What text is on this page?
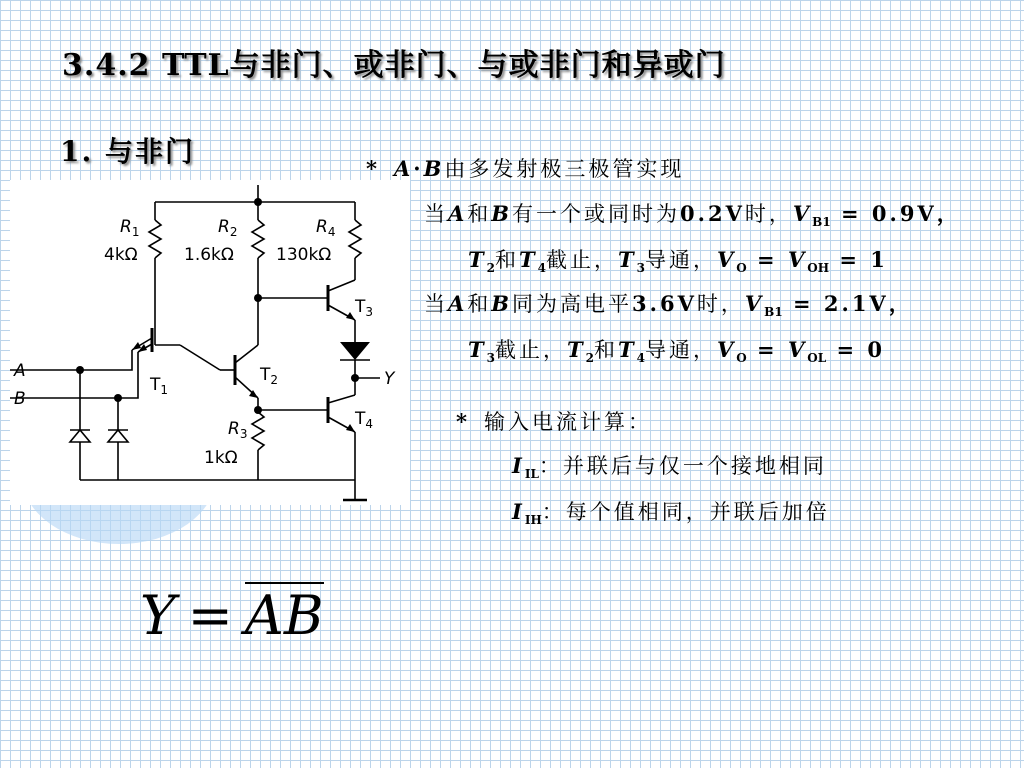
3.4.2 TTL与非门、或非门、与或非门和异或门
1. 与非门
$R_1$
4kΩ
$R_2$
1.6kΩ
$R_3$
1kΩ
$R_4$
130kΩ
$T_1$
$T_2$
$T_3$
$T_4$
A
B
Y
* A·B由多发射极三极管实现
当A和B有一个或同时为0.2V时，$V_{B1} = 0.9V$，
$T_2$和$T_4$截止，$T_3$导通，$V_O = V_{OH} = 1$
当A和B同为高电平3.6V时，$V_{B1} = 2.1V$，
$T_3$截止，$T_2$和$T_4$导通，$V_O = V_{OL} = 0$
* 输入电流计算：
$I_{IL}$：并联后与仅一个接地相同
$I_{IH}$：每个值相同，并联后加倍
Y = AB
